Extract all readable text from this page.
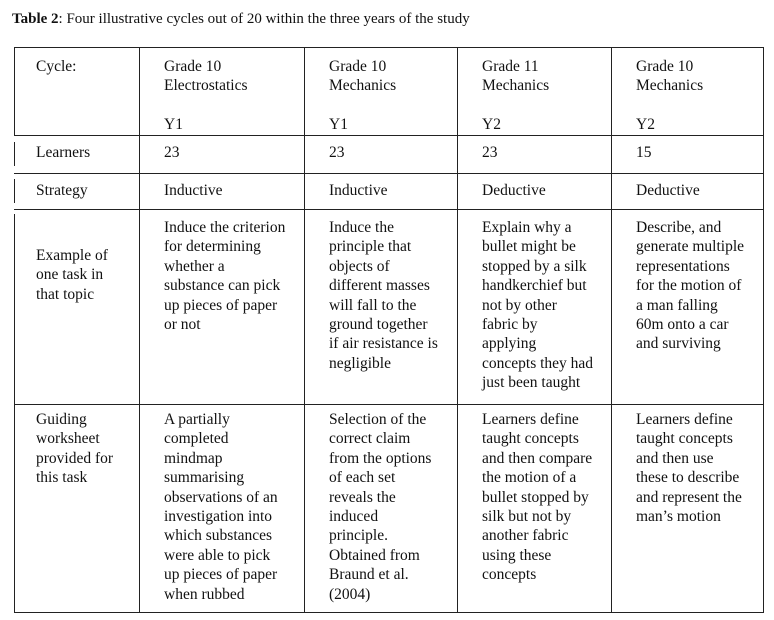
Table 2: Four illustrative cycles out of 20 within the three years of the study
Cycle:
Learners
Strategy
Example of
one task in
that topic
Guiding
worksheet
provided for
this task
Grade 10
Electrostatics

Y1
23
Inductive
Induce the criterion
for determining
whether a
substance can pick
up pieces of paper
or not
A partially
completed
mindmap
summarising
observations of an
investigation into
which substances
were able to pick
up pieces of paper
when rubbed
Grade 10
Mechanics

Y1
23
Inductive
Induce the
principle that
objects of
different masses
will fall to the
ground together
if air resistance is
negligible
Selection of the
correct claim
from the options
of each set
reveals the
induced
principle.
Obtained from
Braund et al.
(2004)
Grade 11
Mechanics

Y2
23
Deductive
Explain why a
bullet might be
stopped by a silk
handkerchief but
not by other
fabric by
applying
concepts they had
just been taught
Learners define
taught concepts
and then compare
the motion of a
bullet stopped by
silk but not by
another fabric
using these
concepts
Grade 10
Mechanics

Y2
15
Deductive
Describe, and
generate multiple
representations
for the motion of
a man falling
60m onto a car
and surviving
Learners define
taught concepts
and then use
these to describe
and represent the
man’s motion
